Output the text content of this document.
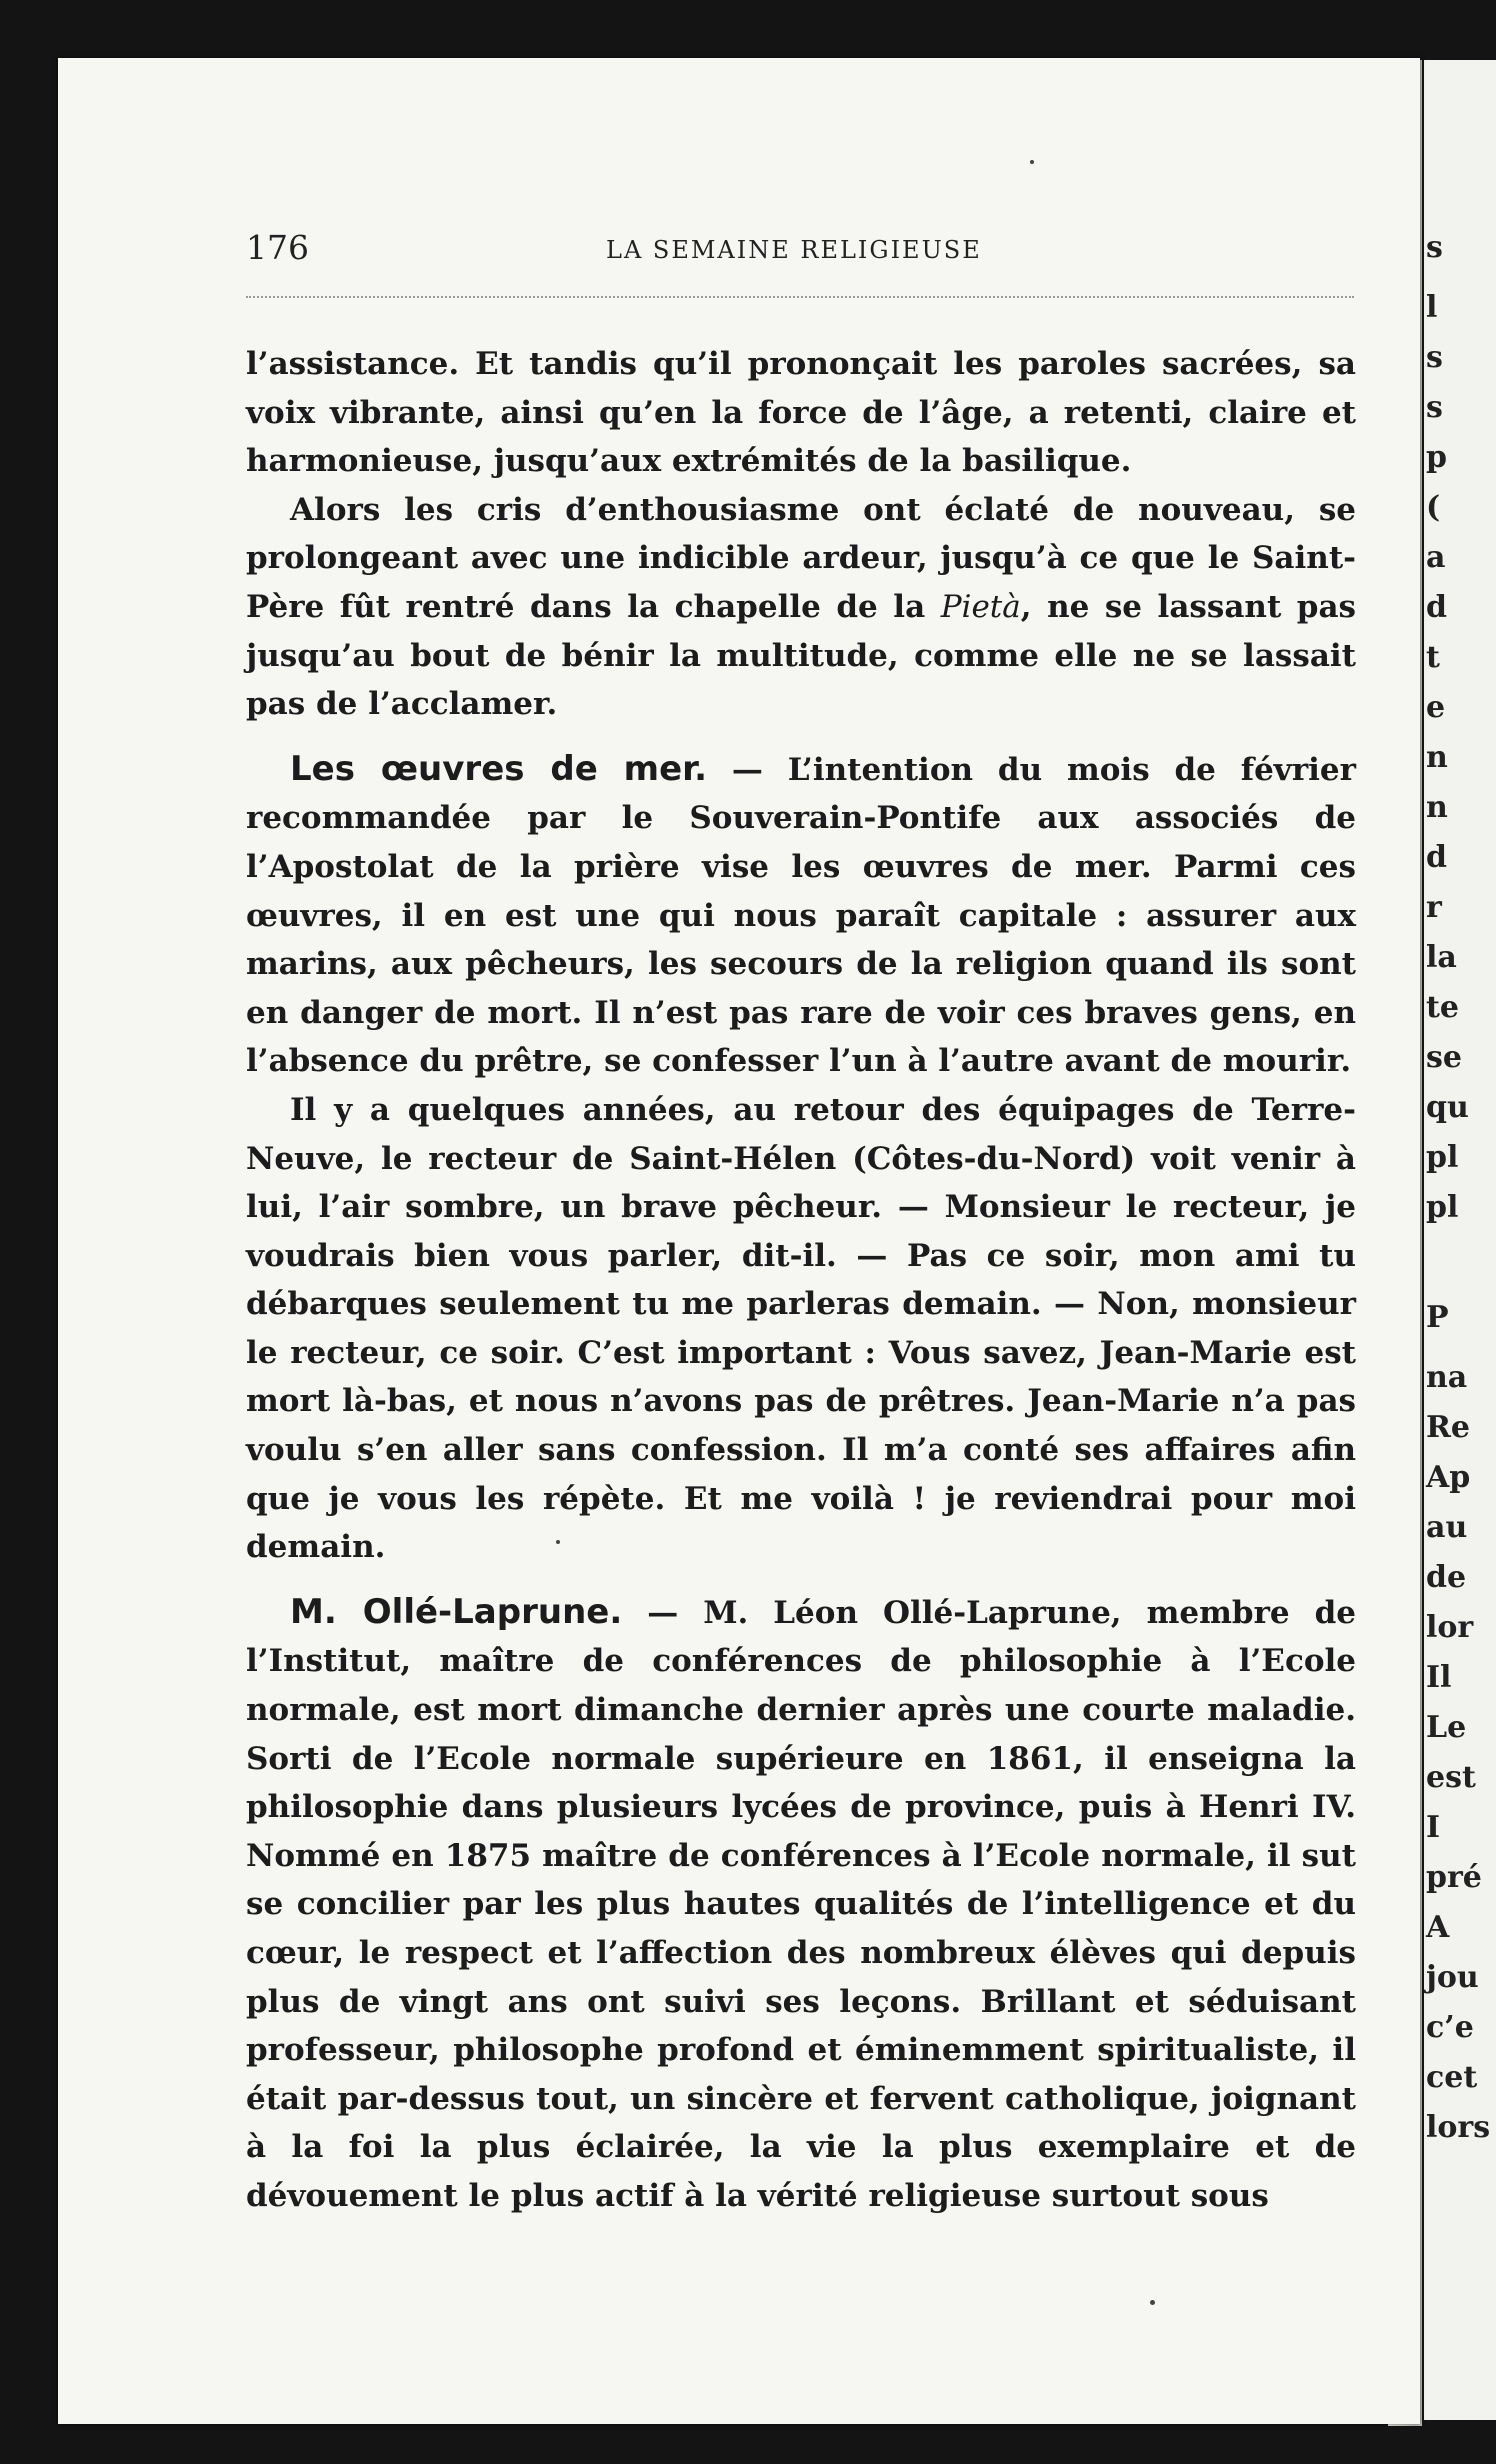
s
l
s
s
p
(
a
d
t
e
n
n
d
r
la
te
se
qu
pl
pl
P
na
Re
Ap
au
de
lor
Il
Le
est
I
pré
A
jou
c’e
cet
lors
176	LA SEMAINE RELIGIEUSE

l’assistance. Et tandis qu’il prononçait les paroles sacrées, sa voix vibrante, ainsi qu’en la force de l’âge, a retenti, claire et harmonieuse, jusqu’aux extrémités de la basilique.

Alors les cris d’enthousiasme ont éclaté de nouveau, se prolongeant avec une indicible ardeur, jusqu’à ce que le Saint-Père fût rentré dans la chapelle de la Pietà, ne se lassant pas jusqu’au bout de bénir la multitude, comme elle ne se lassait pas de l’acclamer.

Les œuvres de mer. — L’intention du mois de février recommandée par le Souverain-Pontife aux associés de l’Apostolat de la prière vise les œuvres de mer. Parmi ces œuvres, il en est une qui nous paraît capitale : assurer aux marins, aux pêcheurs, les secours de la religion quand ils sont en danger de mort. Il n’est pas rare de voir ces braves gens, en l’absence du prêtre, se confesser l’un à l’autre avant de mourir.

Il y a quelques années, au retour des équipages de Terre-Neuve, le recteur de Saint-Hélen (Côtes-du-Nord) voit venir à lui, l’air sombre, un brave pêcheur. — Monsieur le recteur, je voudrais bien vous parler, dit-il. — Pas ce soir, mon ami tu débarques seulement tu me parleras demain. — Non, monsieur le recteur, ce soir. C’est important : Vous savez, Jean-Marie est mort là-bas, et nous n’avons pas de prêtres. Jean-Marie n’a pas voulu s’en aller sans confession. Il m’a conté ses affaires afin que je vous les répète. Et me voilà ! je reviendrai pour moi demain.

M. Ollé-Laprune. — M. Léon Ollé-Laprune, membre de l’Institut, maître de conférences de philosophie à l’Ecole normale, est mort dimanche dernier après une courte maladie. Sorti de l’Ecole normale supérieure en 1861, il enseigna la philosophie dans plusieurs lycées de province, puis à Henri IV. Nommé en 1875 maître de conférences à l’Ecole normale, il sut se concilier par les plus hautes qualités de l’intelligence et du cœur, le respect et l’affection des nombreux élèves qui depuis plus de vingt ans ont suivi ses leçons. Brillant et séduisant professeur, philosophe profond et éminemment spiritualiste, il était par-dessus tout, un sincère et fervent catholique, joignant à la foi la plus éclairée, la vie la plus exemplaire et de dévouement le plus actif à la vérité religieuse surtout sous
